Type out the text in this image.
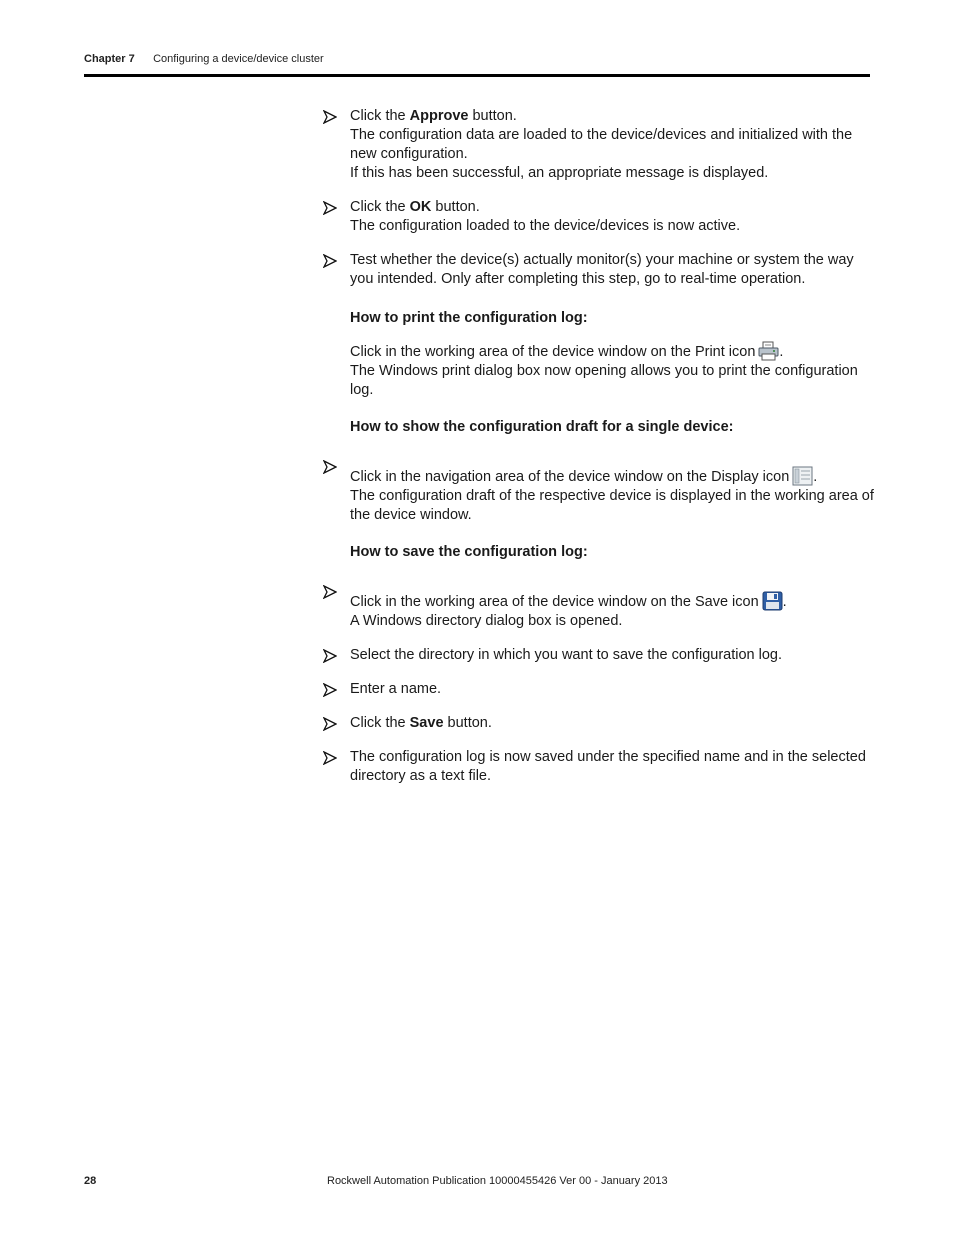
Chapter 7 Configuring a device/device cluster

Click the Approve button.

The configuration data are loaded to the device/devices and initialized with the new configuration.

If this has been successful, an appropriate message is displayed.

Click the OK button.

The configuration loaded to the device/devices is now active.

Test whether the device(s) actually monitor(s) your machine or system the way you intended. Only after completing this step, go to real-time operation.

How to print the configuration log:

Click in the working area of the device window on the Print icon .

The Windows print dialog box now opening allows you to print the configuration log.

How to show the configuration draft for a single device:

Click in the navigation area of the device window on the Display icon .

The configuration draft of the respective device is displayed in the working area of the device window.

How to save the configuration log:

Click in the working area of the device window on the Save icon .

A Windows directory dialog box is opened.

Select the directory in which you want to save the configuration log.

Enter a name.

Click the Save button.

The configuration log is now saved under the specified name and in the selected directory as a text file.

28	Rockwell Automation Publication 10000455426 Ver 00 - January 2013
